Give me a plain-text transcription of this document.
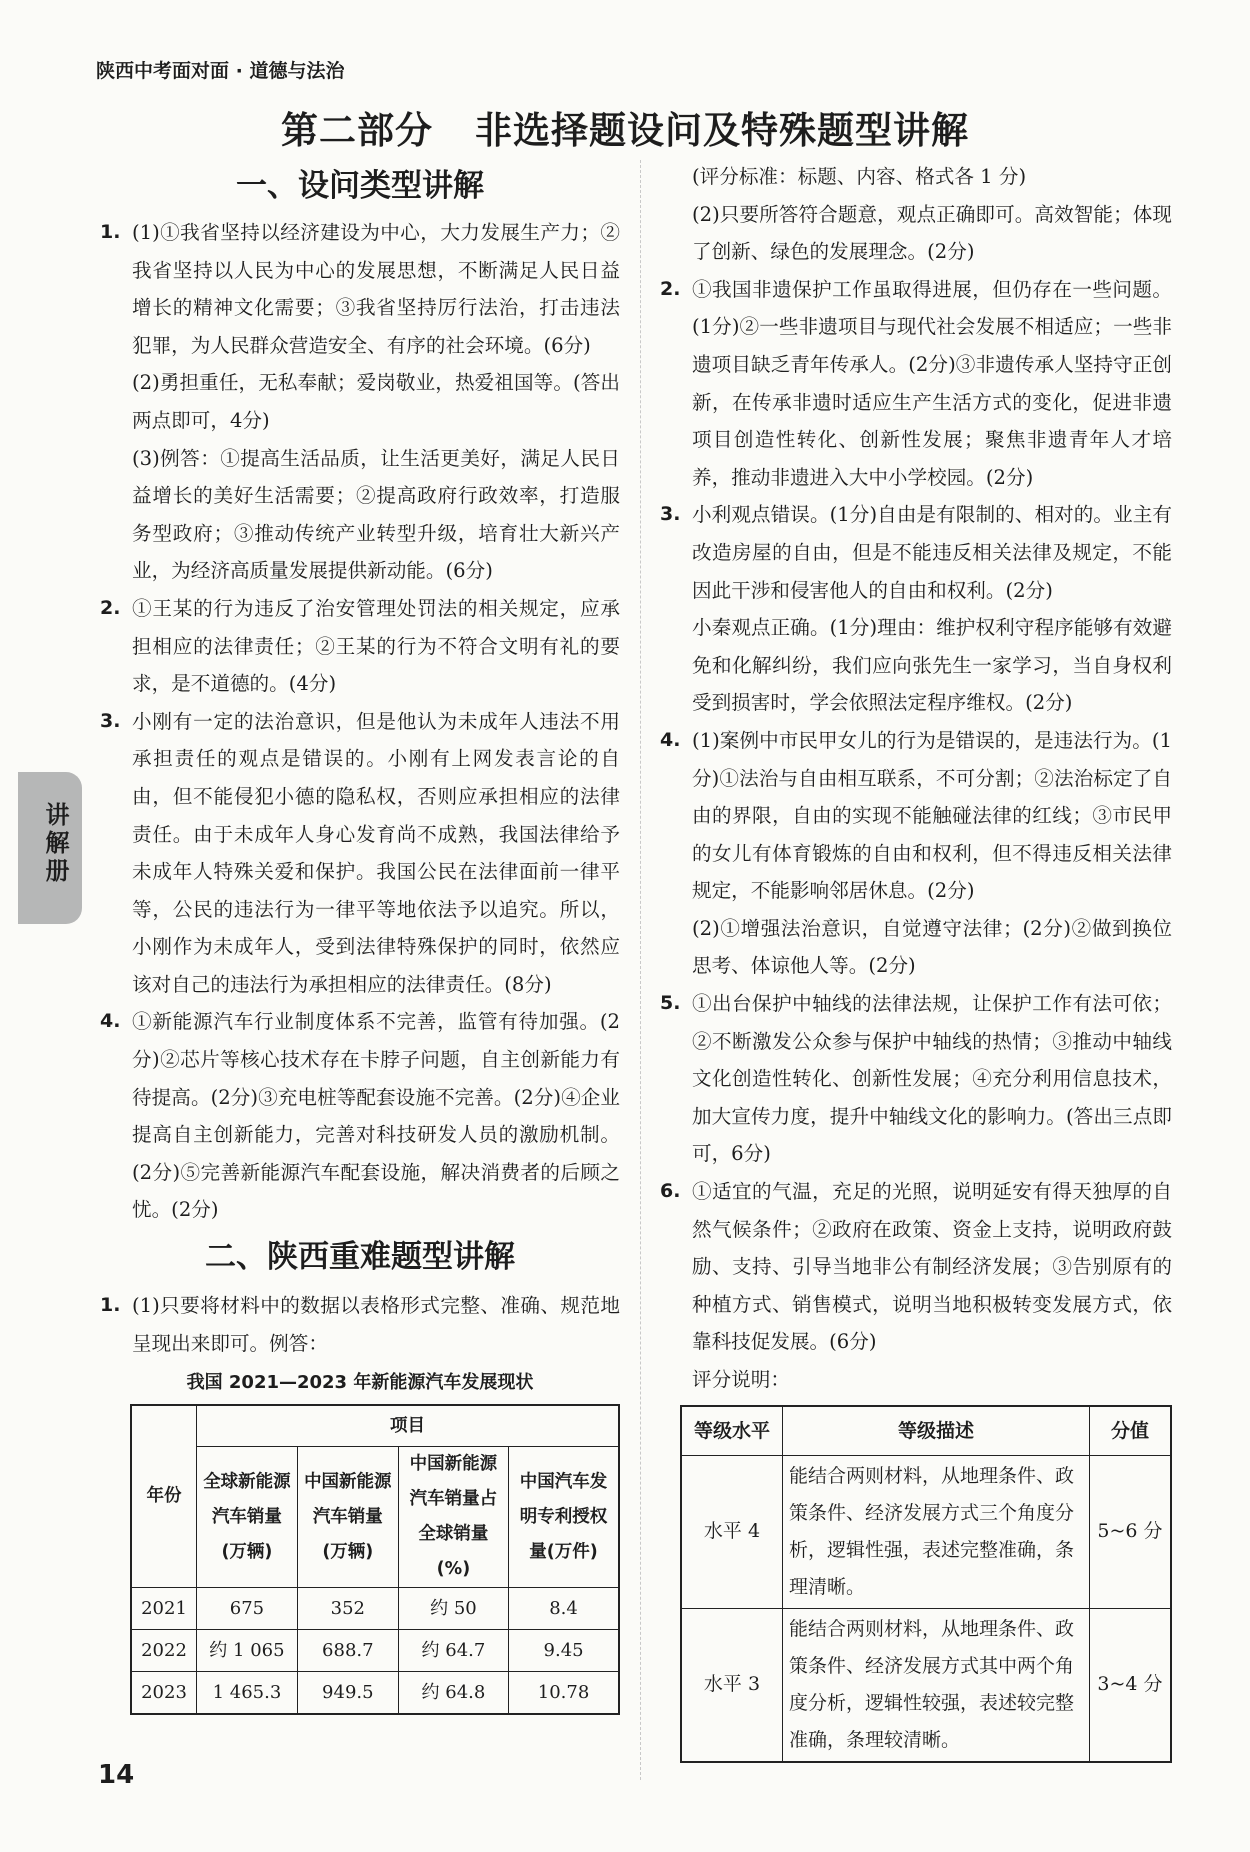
陕西中考面对面 · 道德与法治
第二部分 非选择题设问及特殊题型讲解
讲解册
一、设问类型讲解
1. (1)①我省坚持以经济建设为中心，大力发展生产力；②我省坚持以人民为中心的发展思想，不断满足人民日益增长的精神文化需要；③我省坚持厉行法治，打击违法犯罪，为人民群众营造安全、有序的社会环境。(6分)

(2)勇担重任，无私奉献；爱岗敬业，热爱祖国等。(答出两点即可，4分)

(3)例答：①提高生活品质，让生活更美好，满足人民日益增长的美好生活需要；②提高政府行政效率，打造服务型政府；③推动传统产业转型升级，培育壮大新兴产业，为经济高质量发展提供新动能。(6分)

2. ①王某的行为违反了治安管理处罚法的相关规定，应承担相应的法律责任；②王某的行为不符合文明有礼的要求，是不道德的。(4分)

3. 小刚有一定的法治意识，但是他认为未成年人违法不用承担责任的观点是错误的。小刚有上网发表言论的自由，但不能侵犯小德的隐私权，否则应承担相应的法律责任。由于未成年人身心发育尚不成熟，我国法律给予未成年人特殊关爱和保护。我国公民在法律面前一律平等，公民的违法行为一律平等地依法予以追究。所以，小刚作为未成年人，受到法律特殊保护的同时，依然应该对自己的违法行为承担相应的法律责任。(8分)

4. ①新能源汽车行业制度体系不完善，监管有待加强。(2分)②芯片等核心技术存在卡脖子问题，自主创新能力有待提高。(2分)③充电桩等配套设施不完善。(2分)④企业提高自主创新能力，完善对科技研发人员的激励机制。(2分)⑤完善新能源汽车配套设施，解决消费者的后顾之忧。(2分)

二、陕西重难题型讲解
1. (1)只要将材料中的数据以表格形式完整、准确、规范地呈现出来即可。例答：

我国 2021—2023 年新能源汽车发展现状
年份	项目			
	全球新能源汽车销量(万辆)	中国新能源汽车销量(万辆)	中国新能源汽车销量占全球销量(%)	中国汽车发明专利授权量(万件)
2021	675	352	约 50	8.4
2022	约 1 065	688.7	约 64.7	9.45
2023	1 465.3	949.5	约 64.8	10.78

(评分标准：标题、内容、格式各 1 分)

(2)只要所答符合题意，观点正确即可。高效智能；体现了创新、绿色的发展理念。(2分)

2. ①我国非遗保护工作虽取得进展，但仍存在一些问题。(1分)②一些非遗项目与现代社会发展不相适应；一些非遗项目缺乏青年传承人。(2分)③非遗传承人坚持守正创新，在传承非遗时适应生产生活方式的变化，促进非遗项目创造性转化、创新性发展；聚焦非遗青年人才培养，推动非遗进入大中小学校园。(2分)

3. 小利观点错误。(1分)自由是有限制的、相对的。业主有改造房屋的自由，但是不能违反相关法律及规定，不能因此干涉和侵害他人的自由和权利。(2分)

小秦观点正确。(1分)理由：维护权利守程序能够有效避免和化解纠纷，我们应向张先生一家学习，当自身权利受到损害时，学会依照法定程序维权。(2分)

4. (1)案例中市民甲女儿的行为是错误的，是违法行为。(1分)①法治与自由相互联系，不可分割；②法治标定了自由的界限，自由的实现不能触碰法律的红线；③市民甲的女儿有体育锻炼的自由和权利，但不得违反相关法律规定，不能影响邻居休息。(2分)

(2)①增强法治意识，自觉遵守法律；(2分)②做到换位思考、体谅他人等。(2分)

5. ①出台保护中轴线的法律法规，让保护工作有法可依；②不断激发公众参与保护中轴线的热情；③推动中轴线文化创造性转化、创新性发展；④充分利用信息技术，加大宣传力度，提升中轴线文化的影响力。(答出三点即可，6分)

6. ①适宜的气温，充足的光照，说明延安有得天独厚的自然气候条件；②政府在政策、资金上支持，说明政府鼓励、支持、引导当地非公有制经济发展；③告别原有的种植方式、销售模式，说明当地积极转变发展方式，依靠科技促发展。(6分)

评分说明：

等级水平	等级描述	分值
水平 4	能结合两则材料，从地理条件、政策条件、经济发展方式三个角度分析，逻辑性强，表述完整准确，条理清晰。	5~6 分
水平 3	能结合两则材料，从地理条件、政策条件、经济发展方式其中两个角度分析，逻辑性较强，表述较完整准确，条理较清晰。	3~4 分
14
